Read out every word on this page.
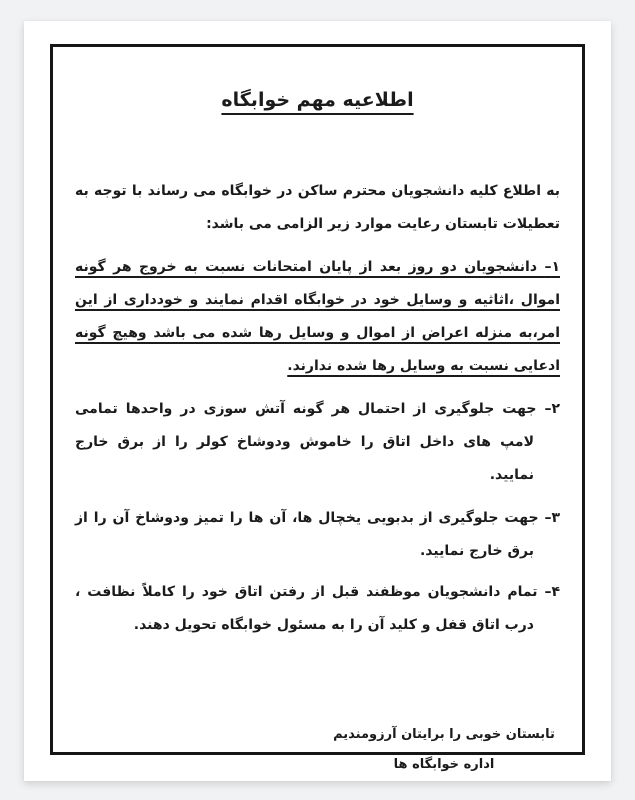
اطلاعیه مهم خوابگاه

به اطلاع کلیه دانشجویان محترم ساکن در خوابگاه می رساند با توجه به تعطیلات تابستان رعایت موارد زیر الزامی می باشد:

۱– دانشجویان دو روز بعد از پایان امتحانات نسبت به خروج هر گونه اموال ،اثاثیه و وسایل خود در خوابگاه اقدام نمایند و خودداری از این امر،به منزله اعراض از اموال و وسایل رها شده می باشد وهیچ گونه ادعایی نسبت به وسایل رها شده ندارند.

۲– جهت جلوگیری از احتمال هر گونه آتش سوزی در واحدها تمامی لامپ های داخل اتاق را خاموش ودوشاخ کولر را از برق خارج نمایید.

۳– جهت جلوگیری از بدبویی یخچال ها، آن ها را تمیز ودوشاخ آن را از برق خارج نمایید.

۴– تمام دانشجویان موظفند قبل از رفتن اتاق خود را کاملاً نظافت ، درب اتاق قفل و کلید آن را به مسئول خوابگاه تحویل دهند.

تابستان خوبی را برایتان آرزومندیم

اداره خوابگاه ها
